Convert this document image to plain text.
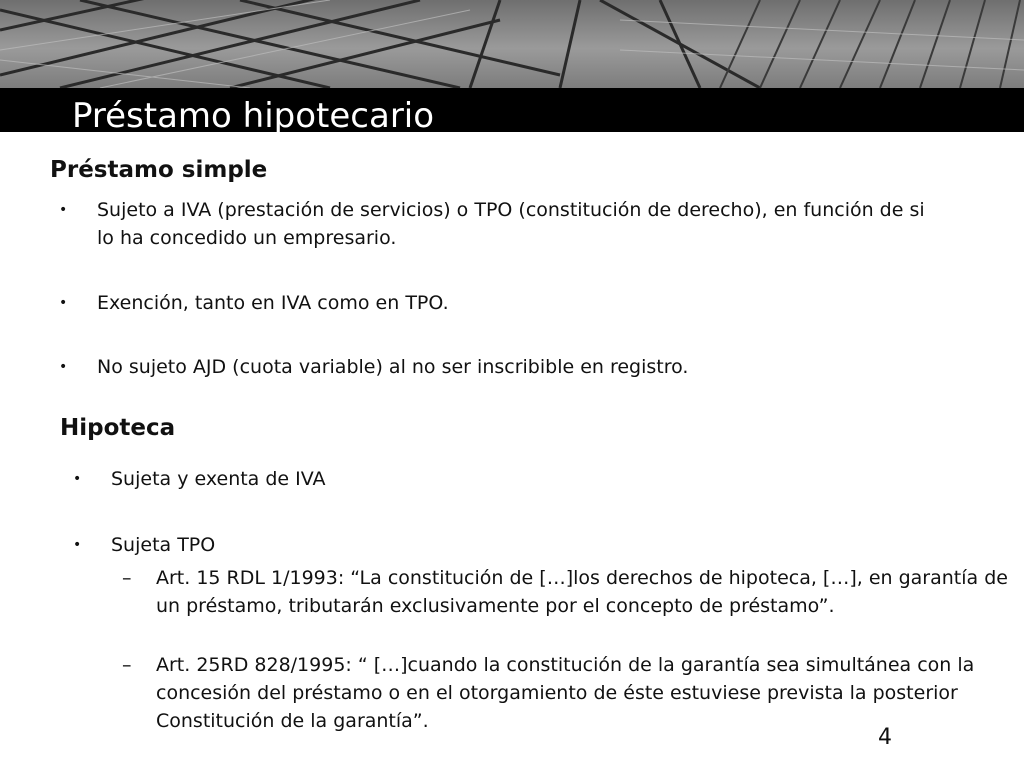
Préstamo hipotecario
Préstamo simple
• Sujeto a IVA (prestación de servicios) o TPO (constitución de derecho), en función de si lo ha concedido un empresario.
• Exención, tanto en IVA como en TPO.
• No sujeto AJD (cuota variable) al no ser inscribible en registro.
Hipoteca
• Sujeta y exenta de IVA
• Sujeta TPO
– Art. 15 RDL 1/1993: “La constitución de […]los derechos de hipoteca, […], en garantía de un préstamo, tributarán exclusivamente por el concepto de préstamo”.
– Art. 25RD 828/1995: “ […]cuando la constitución de la garantía sea simultánea con la concesión del préstamo o en el otorgamiento de éste estuviese prevista la posterior Constitución de la garantía”.
4
